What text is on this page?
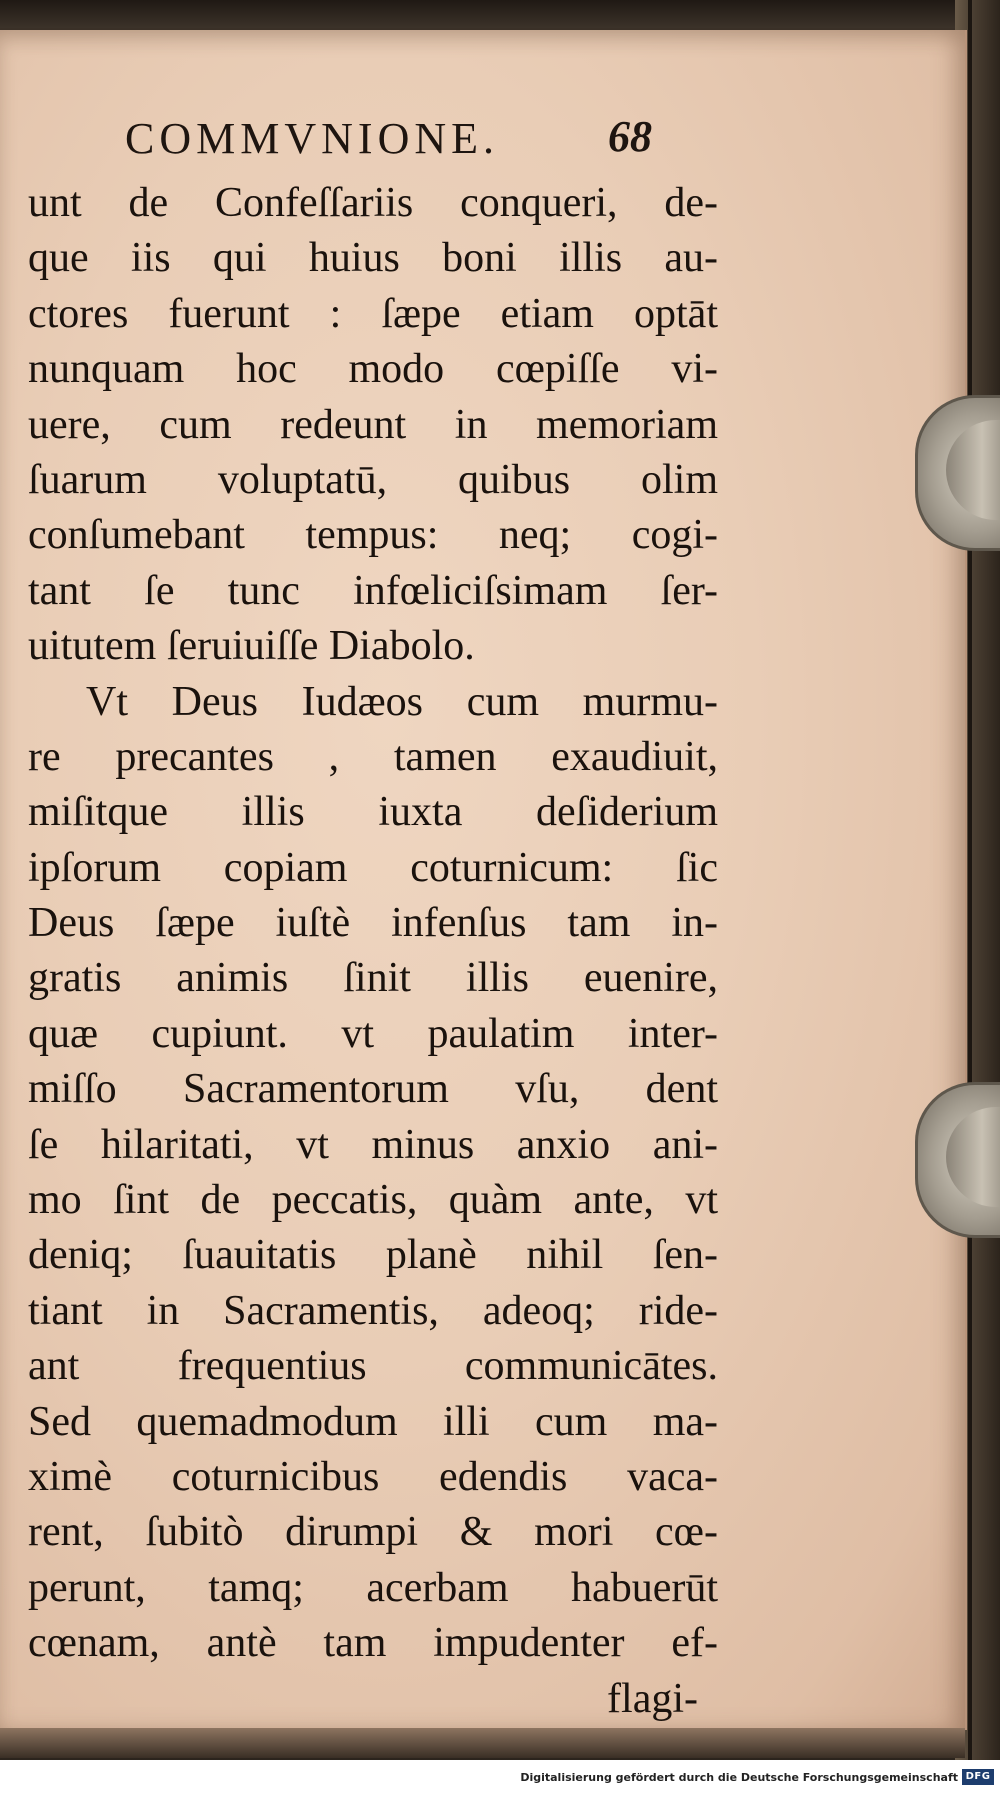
COMMVNIONE. 68
unt de Confeſſariis conqueri, de-
que iis qui huius boni illis au-
ctores fuerunt : ſæpe etiam optāt
nunquam hoc modo cœpiſſe vi-
uere, cum redeunt in memoriam
ſuarum voluptatū, quibus olim
conſumebant tempus: neq; cogi-
tant ſe tunc infœliciſsimam ſer-
uitutem ſeruiuiſſe Diabolo.
Vt Deus Iudæos cum murmu-
re precantes , tamen exaudiuit,
miſitque illis iuxta deſiderium
ipſorum copiam coturnicum: ſic
Deus ſæpe iuſtè infenſus tam in-
gratis animis ſinit illis euenire,
quæ cupiunt. vt paulatim inter-
miſſo Sacramentorum vſu, dent
ſe hilaritati, vt minus anxio ani-
mo ſint de peccatis, quàm ante, vt
deniq; ſuauitatis planè nihil ſen-
tiant in Sacramentis, adeoq; ride-
ant frequentius communicātes.
Sed quemadmodum illi cum ma-
ximè coturnicibus edendis vaca-
rent, ſubitò dirumpi & mori cœ-
perunt, tamq; acerbam habuerūt
cœnam, antè tam impudenter ef-
flagi-
Digitalisierung gefördert durch die Deutsche Forschungsgemeinschaft DFG
